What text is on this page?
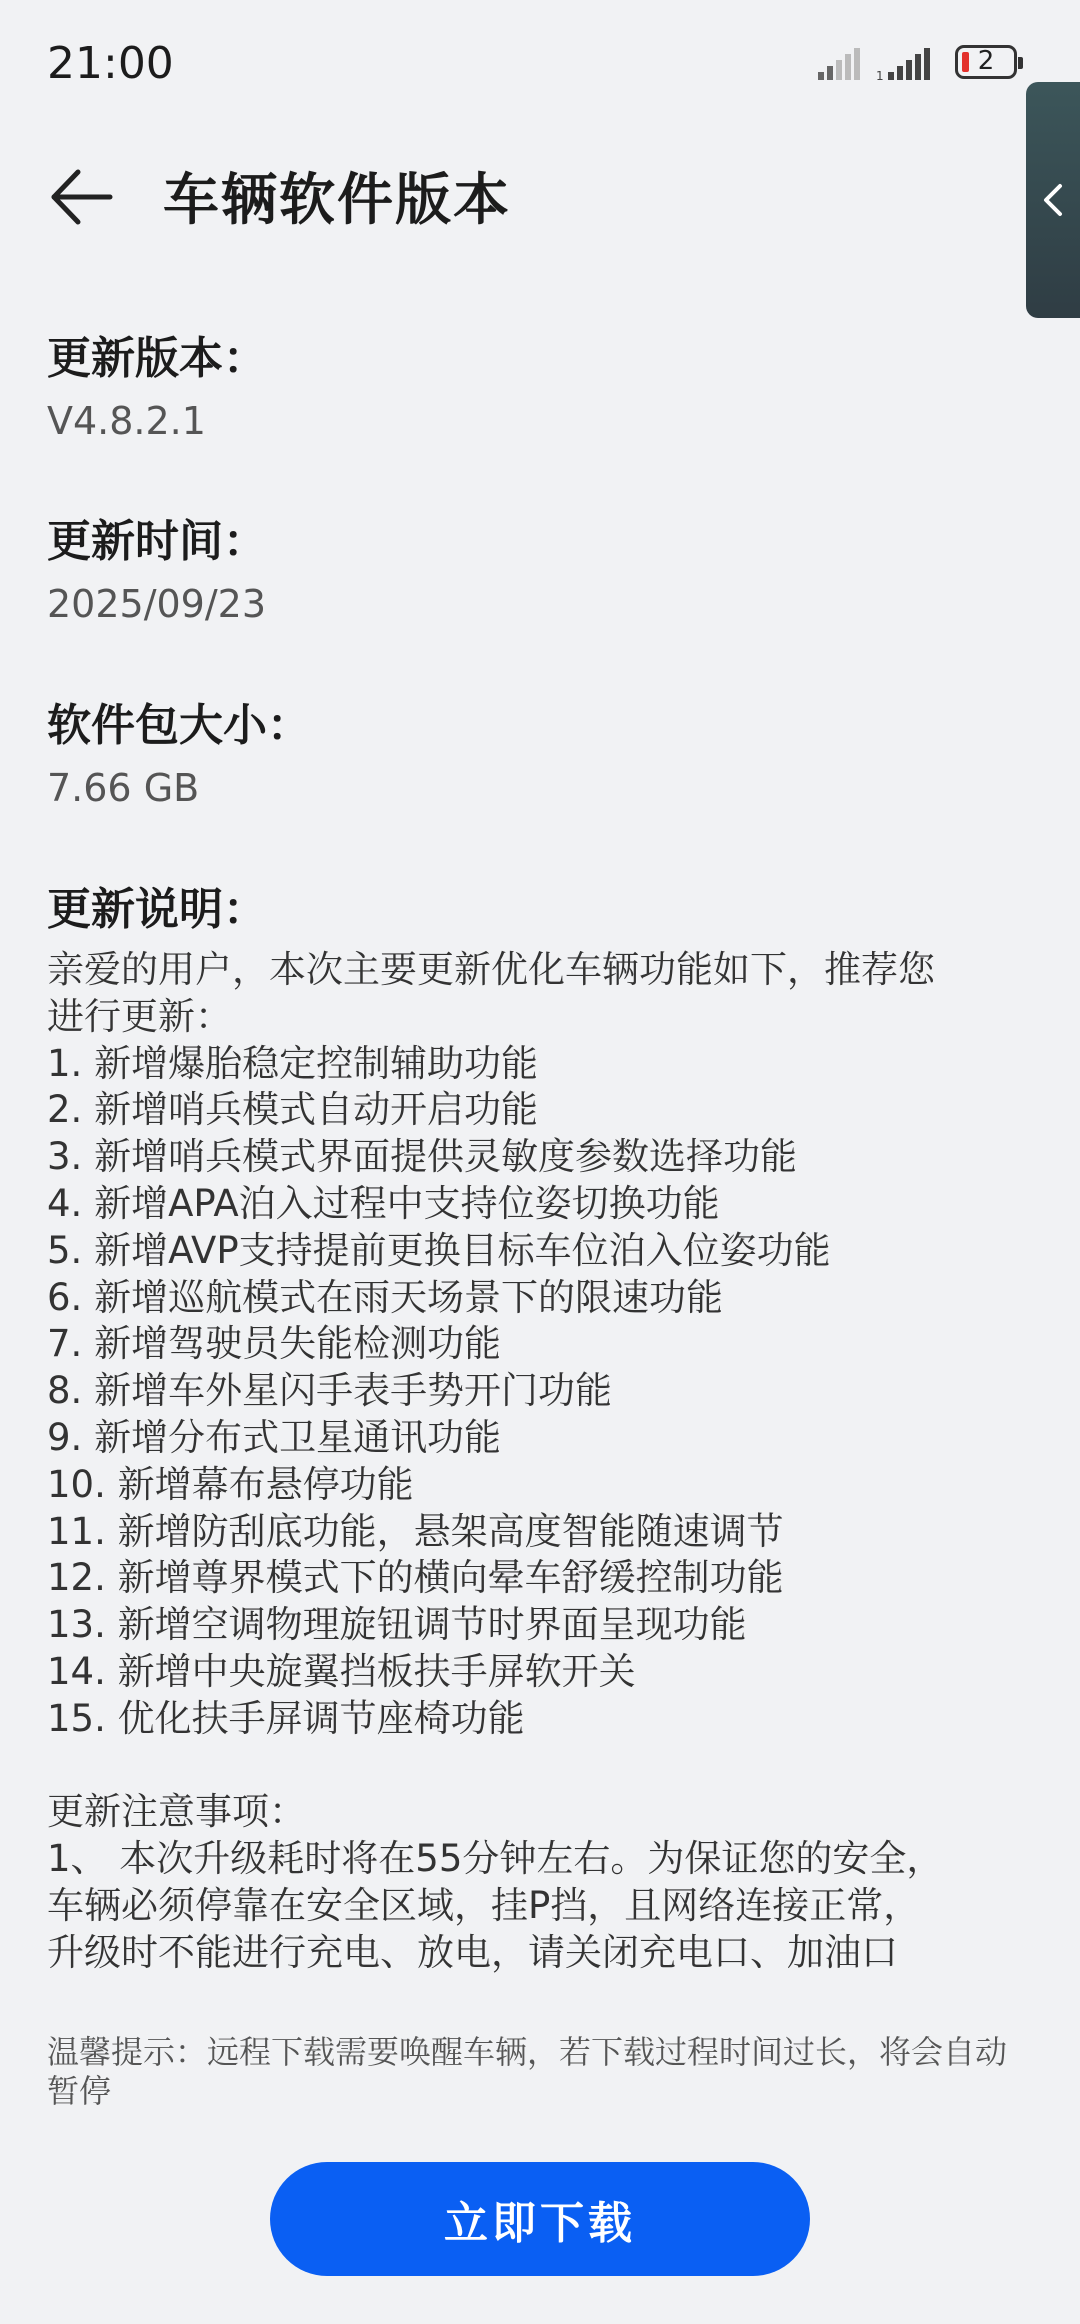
21:00	1	2
车辆软件版本
更新版本：
V4.8.2.1
更新时间：
2025/09/23
软件包大小：
7.66 GB
更新说明：
亲爱的用户，本次主要更新优化车辆功能如下，推荐您
进行更新：
1. 新增爆胎稳定控制辅助功能
2. 新增哨兵模式自动开启功能
3. 新增哨兵模式界面提供灵敏度参数选择功能
4. 新增APA泊入过程中支持位姿切换功能
5. 新增AVP支持提前更换目标车位泊入位姿功能
6. 新增巡航模式在雨天场景下的限速功能
7. 新增驾驶员失能检测功能
8. 新增车外星闪手表手势开门功能
9. 新增分布式卫星通讯功能
10. 新增幕布悬停功能
11. 新增防刮底功能，悬架高度智能随速调节
12. 新增尊界模式下的横向晕车舒缓控制功能
13. 新增空调物理旋钮调节时界面呈现功能
14. 新增中央旋翼挡板扶手屏软开关
15. 优化扶手屏调节座椅功能
更新注意事项：
1、 本次升级耗时将在55分钟左右。为保证您的安全，
车辆必须停靠在安全区域，挂P挡，且网络连接正常，
升级时不能进行充电、放电，请关闭充电口、加油口
温馨提示：远程下载需要唤醒车辆，若下载过程时间过长，将会自动暂停
立即下载
